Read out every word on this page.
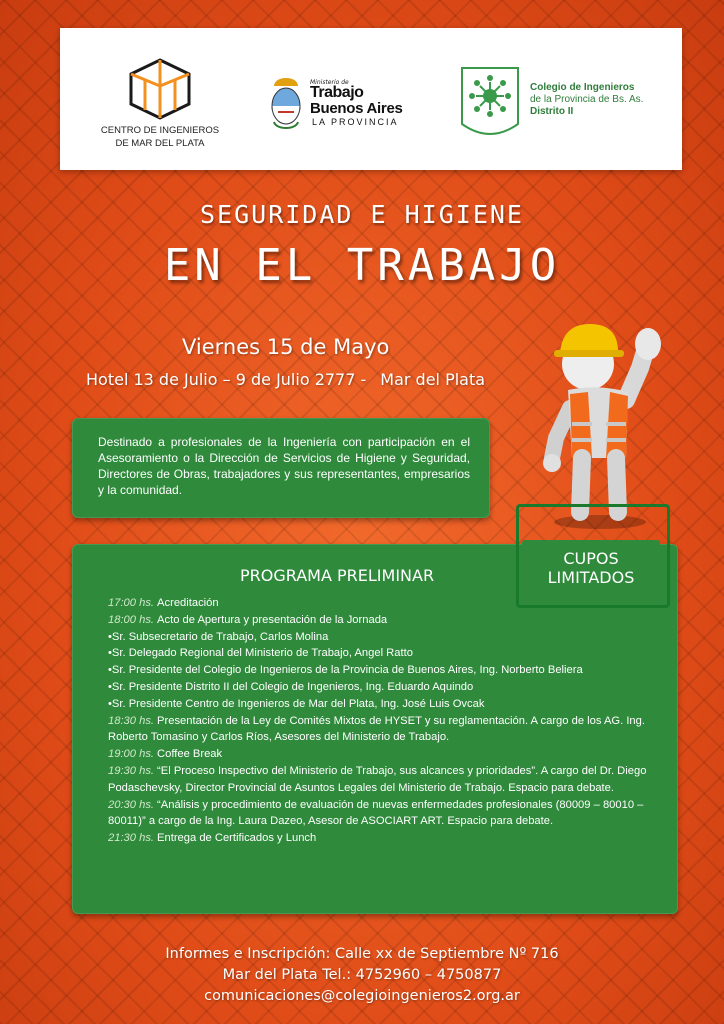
CENTRO DE INGENIEROS
DE MAR DEL PLATA
Ministerio de
Trabajo
Buenos Aires
LA PROVINCIA
Colegio de Ingenieros
de la Provincia de Bs. As.
Distrito II
SEGURIDAD E HIGIENE
EN EL TRABAJO
Viernes 15 de Mayo
Hotel 13 de Julio – 9 de Julio 2777 - Mar del Plata

Destinado a profesionales de la Ingeniería con participación en el Asesoramiento o la Dirección de Servicios de Higiene y Seguridad, Directores de Obras, trabajadores y sus representantes, empresarios y la comunidad.

PROGRAMA PRELIMINAR
17:00 hs. Acreditación
18:00 hs. Acto de Apertura y presentación de la Jornada
•Sr. Subsecretario de Trabajo, Carlos Molina
•Sr. Delegado Regional del Ministerio de Trabajo, Angel Ratto
•Sr. Presidente del Colegio de Ingenieros de la Provincia de Buenos Aires, Ing. Norberto Beliera
•Sr. Presidente Distrito II del Colegio de Ingenieros, Ing. Eduardo Aquindo
•Sr. Presidente Centro de Ingenieros de Mar del Plata, Ing. José Luis Ovcak
18:30 hs. Presentación de la Ley de Comités Mixtos de HYSET y su reglamentación. A cargo de los AG. Ing. Roberto Tomasino y Carlos Ríos, Asesores del Ministerio de Trabajo.
19:00 hs. Coffee Break
19:30 hs. “El Proceso Inspectivo del Ministerio de Trabajo, sus alcances y prioridades”. A cargo del Dr. Diego Podaschevsky, Director Provincial de Asuntos Legales del Ministerio de Trabajo. Espacio para debate.
20:30 hs. “Análisis y procedimiento de evaluación de nuevas enfermedades profesionales (80009 – 80010 – 80011)” a cargo de la Ing. Laura Dazeo, Asesor de ASOCIART ART. Espacio para debate.
21:30 hs. Entrega de Certificados y Lunch
CUPOS
LIMITADOS
Informes e Inscripción: Calle xx de Septiembre Nº 716
Mar del Plata Tel.: 4752960 – 4750877
comunicaciones@colegioingenieros2.org.ar
